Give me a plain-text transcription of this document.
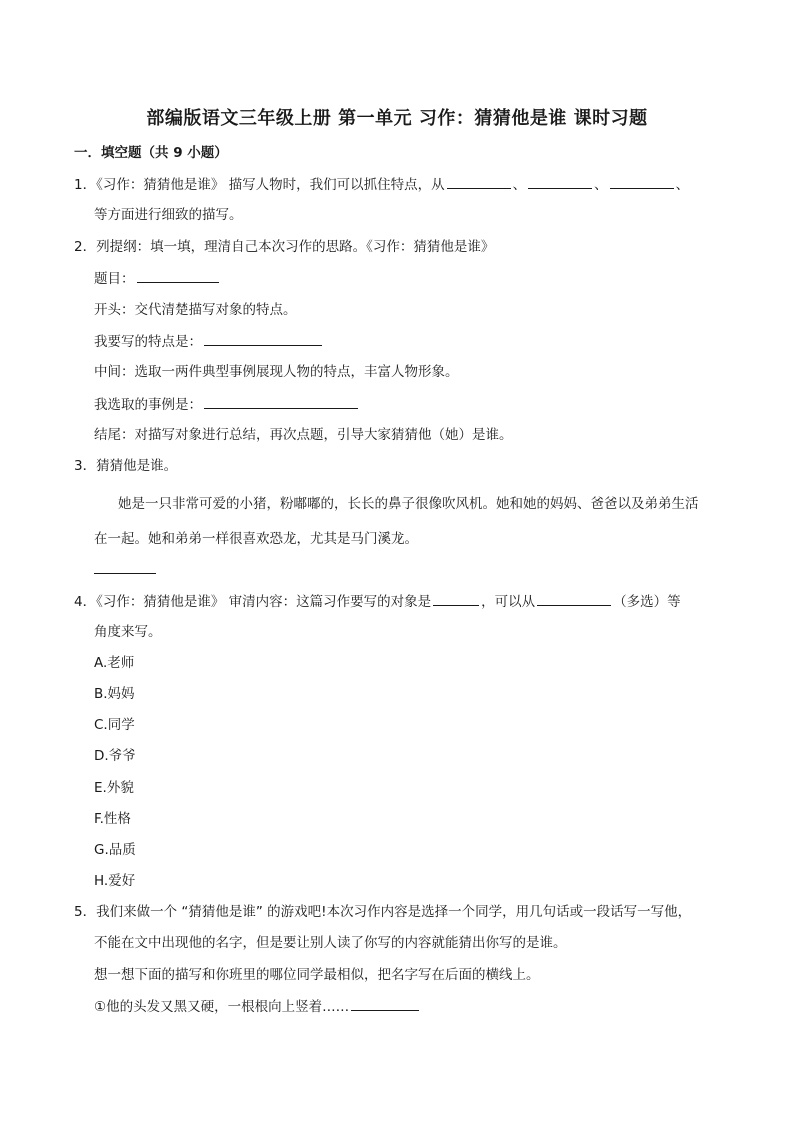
部编版语文三年级上册 第一单元 习作：猜猜他是谁 课时习题
一．填空题（共 9 小题）
1．《习作：猜猜他是谁》 描写人物时，我们可以抓住特点，从	、	、	、
等方面进行细致的描写。
2．列提纲：填一填，理清自己本次习作的思路。《习作：猜猜他是谁》
题目：
开头：交代清楚描写对象的特点。
我要写的特点是：
中间：选取一两件典型事例展现人物的特点，丰富人物形象。
我选取的事例是：
结尾：对描写对象进行总结，再次点题，引导大家猜猜他（她）是谁。
3．猜猜他是谁。
她是一只非常可爱的小猪，粉嘟嘟的，长长的鼻子很像吹风机。她和她的妈妈、爸爸以及弟弟生活
在一起。她和弟弟一样很喜欢恐龙，尤其是马门溪龙。
4．《习作：猜猜他是谁》 审清内容：这篇习作要写的对象是	，可以从	（多选）等
角度来写。
A.老师
B.妈妈
C.同学
D.爷爷
E.外貌
F.性格
G.品质
H.爱好
5．我们来做一个 “猜猜他是谁” 的游戏吧!本次习作内容是选择一个同学，用几句话或一段话写一写他，
不能在文中出现他的名字，但是要让别人读了你写的内容就能猜出你写的是谁。
想一想下面的描写和你班里的哪位同学最相似，把名字写在后面的横线上。
①他的头发又黑又硬，一根根向上竖着……
